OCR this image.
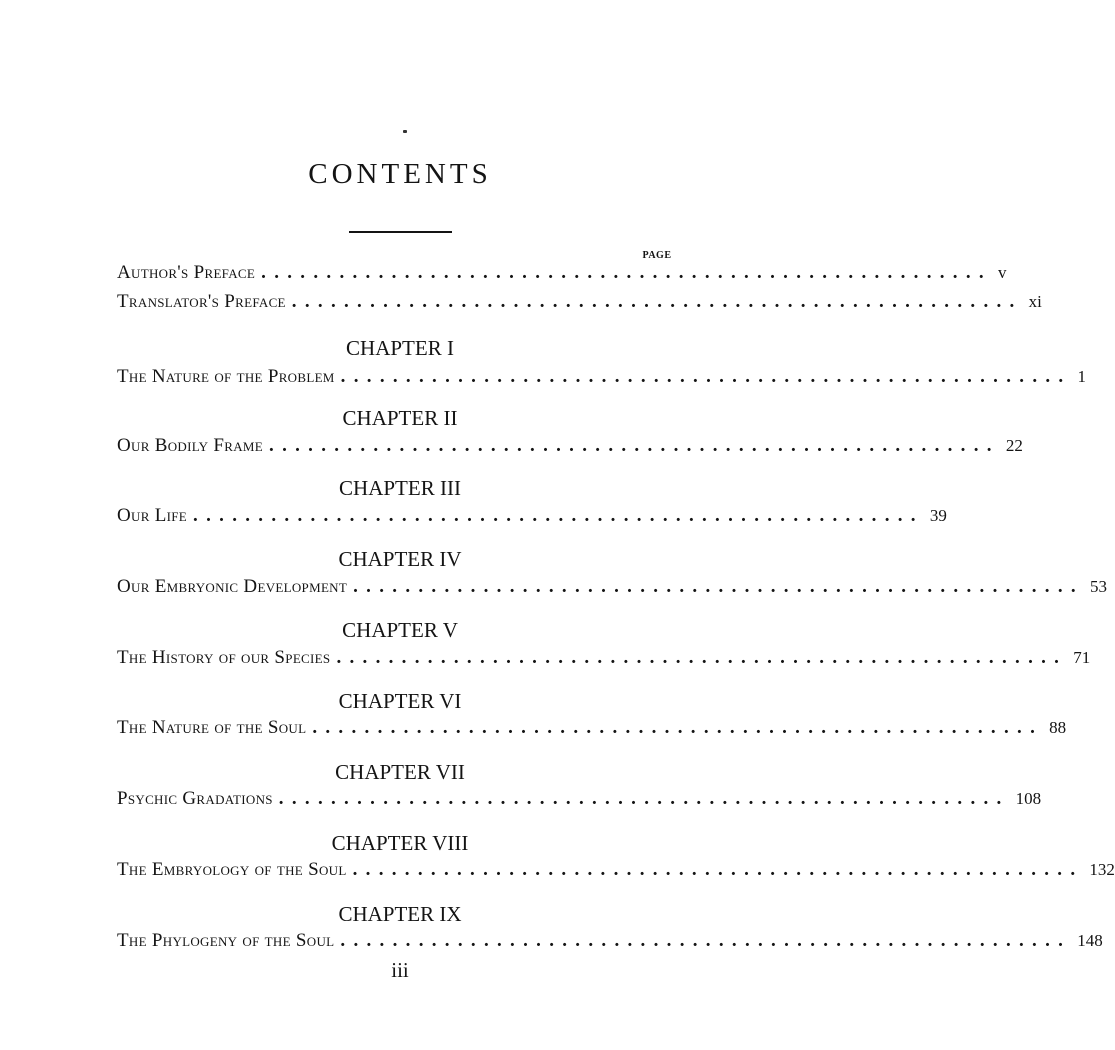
CONTENTS
PAGE
Author's Preface ........................................................ v
Translator's Preface ........................................................ xi
CHAPTER I
The Nature of the Problem ........................................................ 1
CHAPTER II
Our Bodily Frame ........................................................ 22
CHAPTER III
Our Life ........................................................ 39
CHAPTER IV
Our Embryonic Development ........................................................ 53
CHAPTER V
The History of our Species ........................................................ 71
CHAPTER VI
The Nature of the Soul ........................................................ 88
CHAPTER VII
Psychic Gradations ........................................................ 108
CHAPTER VIII
The Embryology of the Soul ........................................................ 132
CHAPTER IX
The Phylogeny of the Soul ........................................................ 148
iii
